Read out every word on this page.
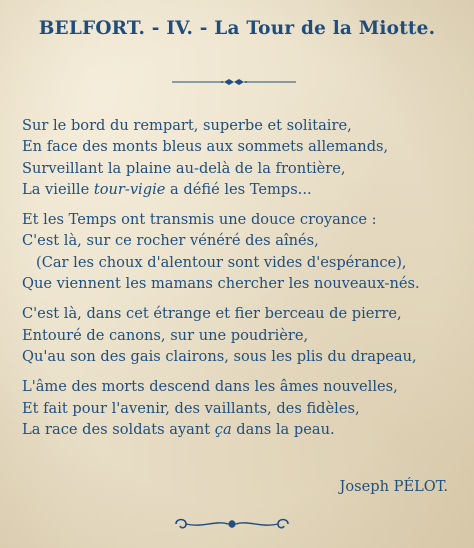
BELFORT. - IV. - La Tour de la Miotte.
Sur le bord du rempart, superbe et solitaire,
En face des monts bleus aux sommets allemands,
Surveillant la plaine au-delà de la frontière,
La vieille tour-vigie a défié les Temps...
Et les Temps ont transmis une douce croyance :
C'est là, sur ce rocher vénéré des aînés,
(Car les choux d'alentour sont vides d'espérance),
Que viennent les mamans chercher les nouveaux-nés.
C'est là, dans cet étrange et fier berceau de pierre,
Entouré de canons, sur une poudrière,
Qu'au son des gais clairons, sous les plis du drapeau,
L'âme des morts descend dans les âmes nouvelles,
Et fait pour l'avenir, des vaillants, des fidèles,
La race des soldats ayant ça dans la peau.
Joseph PÉLOT.
